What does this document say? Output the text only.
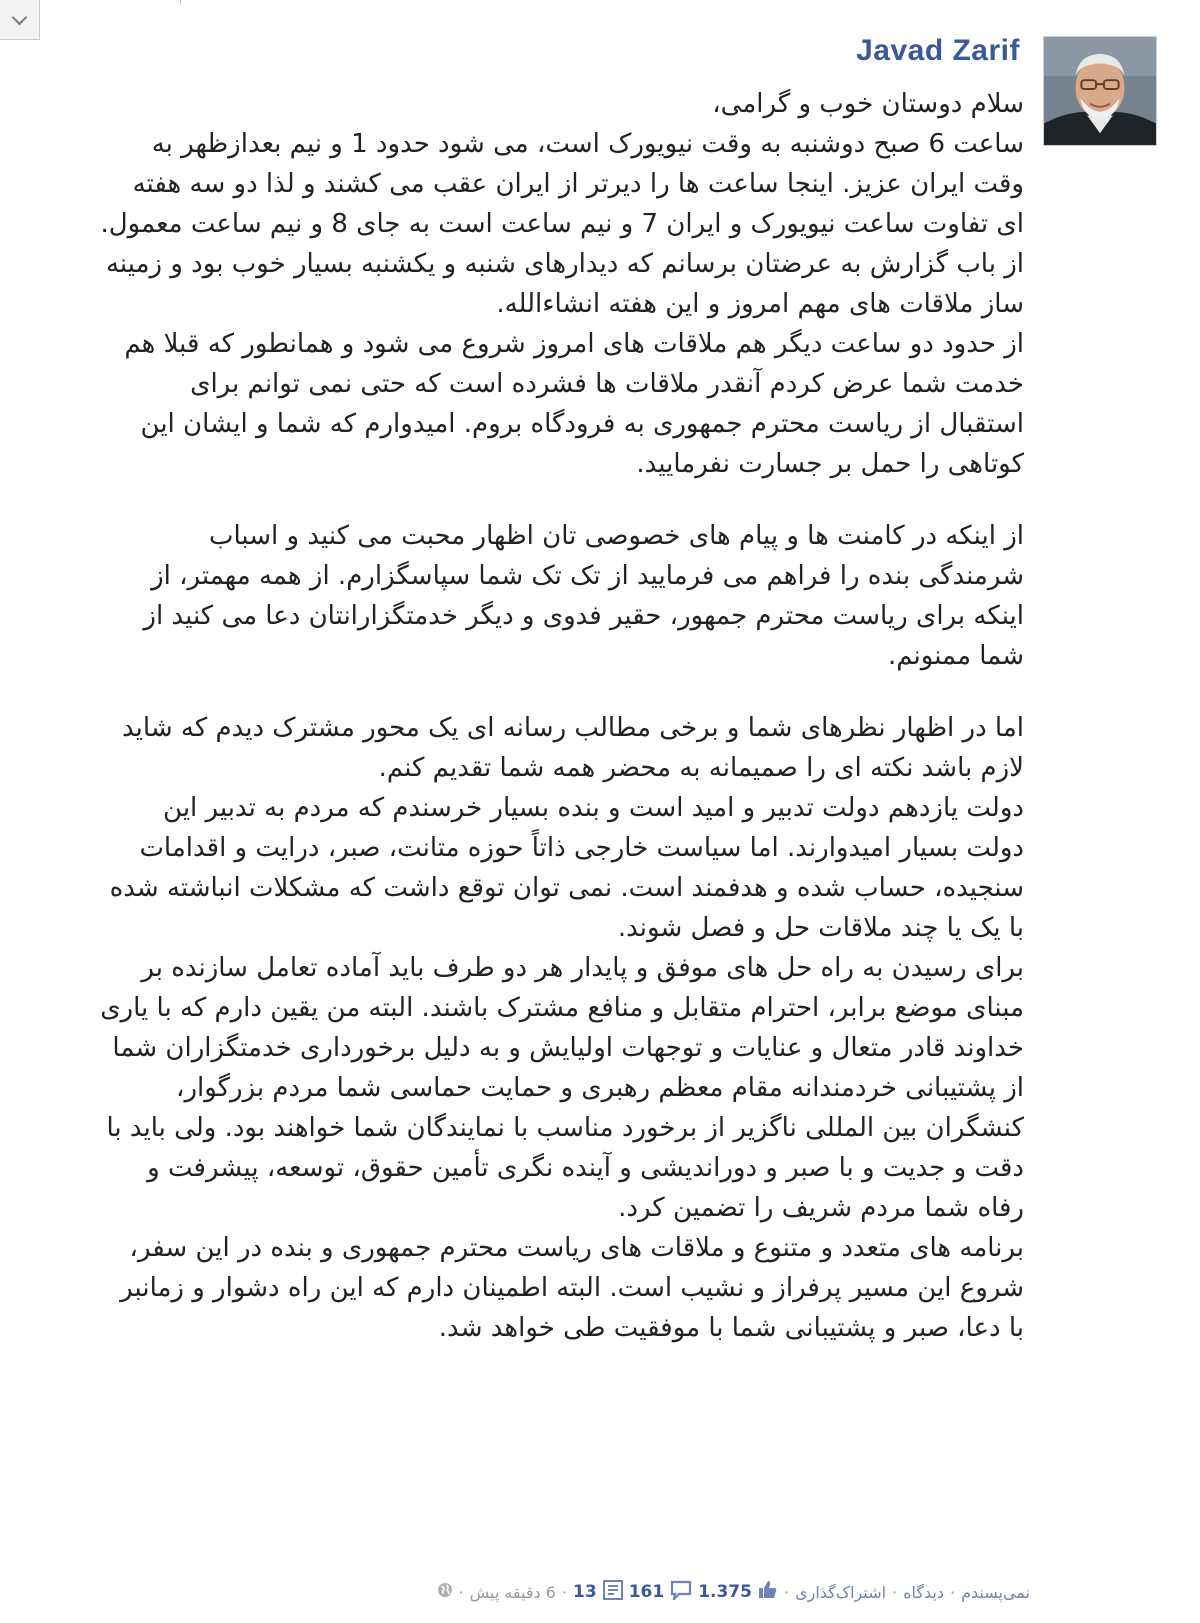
Javad Zarif

سلام دوستان خوب و گرامی،
ساعت 6 صبح دوشنبه به وقت نیویورک است، می شود حدود 1 و نیم بعدازظهر به وقت ایران عزیز. اینجا ساعت ها را دیرتر از ایران عقب می کشند و لذا دو سه هفته ای تفاوت ساعت نیویورک و ایران 7 و نیم ساعت است به جای 8 و نیم ساعت معمول.
از باب گزارش به عرضتان برسانم که دیدارهای شنبه و یکشنبه بسیار خوب بود و زمینه ساز ملاقات های مهم امروز و این هفته انشاءالله.
از حدود دو ساعت دیگر هم ملاقات های امروز شروع می شود و همانطور که قبلا هم خدمت شما عرض کردم آنقدر ملاقات ها فشرده است که حتی نمی توانم برای استقبال از ریاست محترم جمهوری به فرودگاه بروم. امیدوارم که شما و ایشان این کوتاهی را حمل بر جسارت نفرمایید.

از اینکه در کامنت ها و پیام های خصوصی تان اظهار محبت می کنید و اسباب شرمندگی بنده را فراهم می فرمایید از تک تک شما سپاسگزارم. از همه مهمتر، از اینکه برای ریاست محترم جمهور، حقیر فدوی و دیگر خدمتگزارانتان دعا می کنید از شما ممنونم.

اما در اظهار نظرهای شما و برخی مطالب رسانه ای یک محور مشترک دیدم که شاید لازم باشد نکته ای را صمیمانه به محضر همه شما تقدیم کنم.
دولت یازدهم دولت تدبیر و امید است و بنده بسیار خرسندم که مردم به تدبیر این دولت بسیار امیدوارند. اما سیاست خارجی ذاتاً حوزه متانت، صبر، درایت و اقدامات سنجیده، حساب شده و هدفمند است. نمی توان توقع داشت که مشکلات انباشته شده با یک یا چند ملاقات حل و فصل شوند.
برای رسیدن به راه حل های موفق و پایدار هر دو طرف باید آماده تعامل سازنده بر مبنای موضع برابر، احترام متقابل و منافع مشترک باشند. البته من یقین دارم که با یاری خداوند قادر متعال و عنایات و توجهات اولیایش و به دلیل برخورداری خدمتگزاران شما از پشتیبانی خردمندانه مقام معظم رهبری و حمایت حماسی شما مردم بزرگوار، کنشگران بین المللی ناگزیر از برخورد مناسب با نمایندگان شما خواهند بود. ولی باید با دقت و جدیت و با صبر و دوراندیشی و آینده نگری تأمین حقوق، توسعه، پیشرفت و رفاه شما مردم شریف را تضمین کرد.
برنامه های متعدد و متنوع و ملاقات های ریاست محترم جمهوری و بنده در این سفر، شروع این مسیر پرفراز و نشیب است. البته اطمینان دارم که این راه دشوار و زمانبر با دعا، صبر و پشتیبانی شما با موفقیت طی خواهد شد.

نمی‌پسندم
·
دیدگاه
·
اشتراک‌گذاری
·
1.375
161
13
·
6 دقیقه پیش
·
